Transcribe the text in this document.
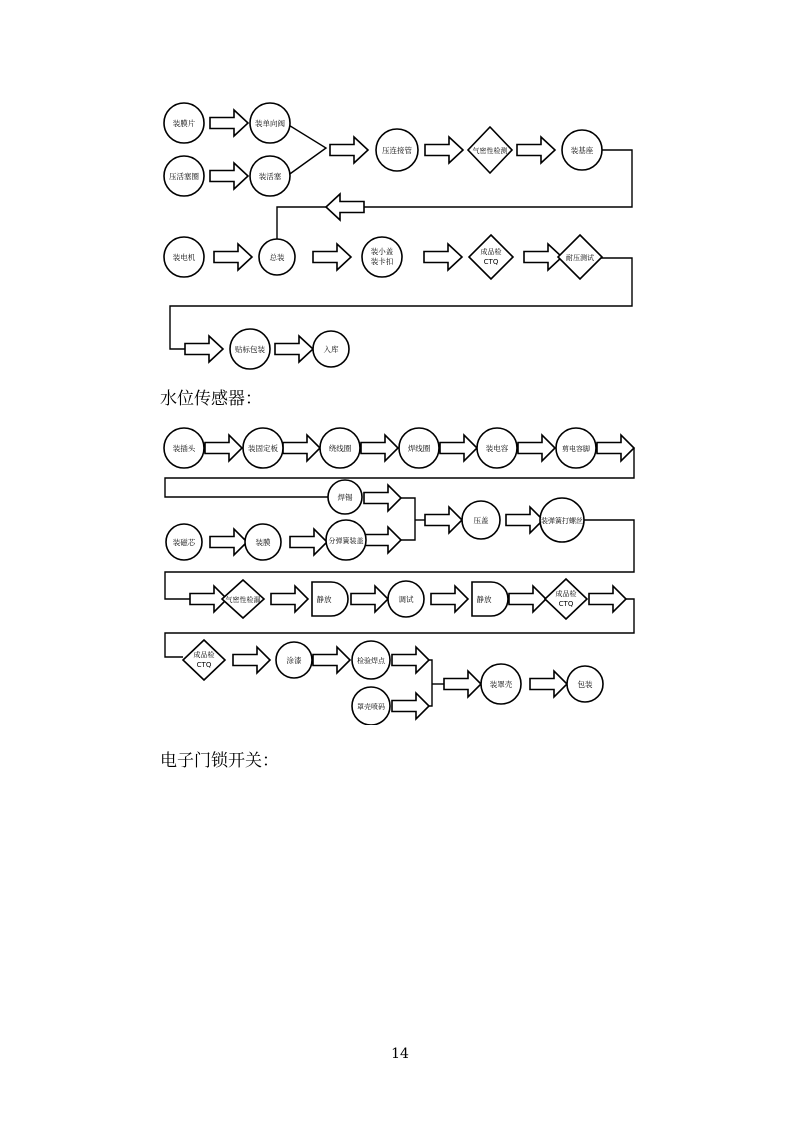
装膜片	装单向阀
压活塞圈	装活塞
压连接管	气密性检测	装基座
装电机	总装
装小盖
装卡扣
成品检
CTQ	耐压测试
贴标包装	入库
水位传感器：
装插头	装固定板	绕线圈	焊线圈	装电容	剪电容脚
焊锡
压盖	装弹簧打螺丝
装磁芯	装膜	分弹簧装盖
气密性检漏	静放	调试	静放
成品检
CTQ
成品检
CTQ	涂漆	检验焊点
装罩壳	包装
罩壳喷码
电子门锁开关：
14
